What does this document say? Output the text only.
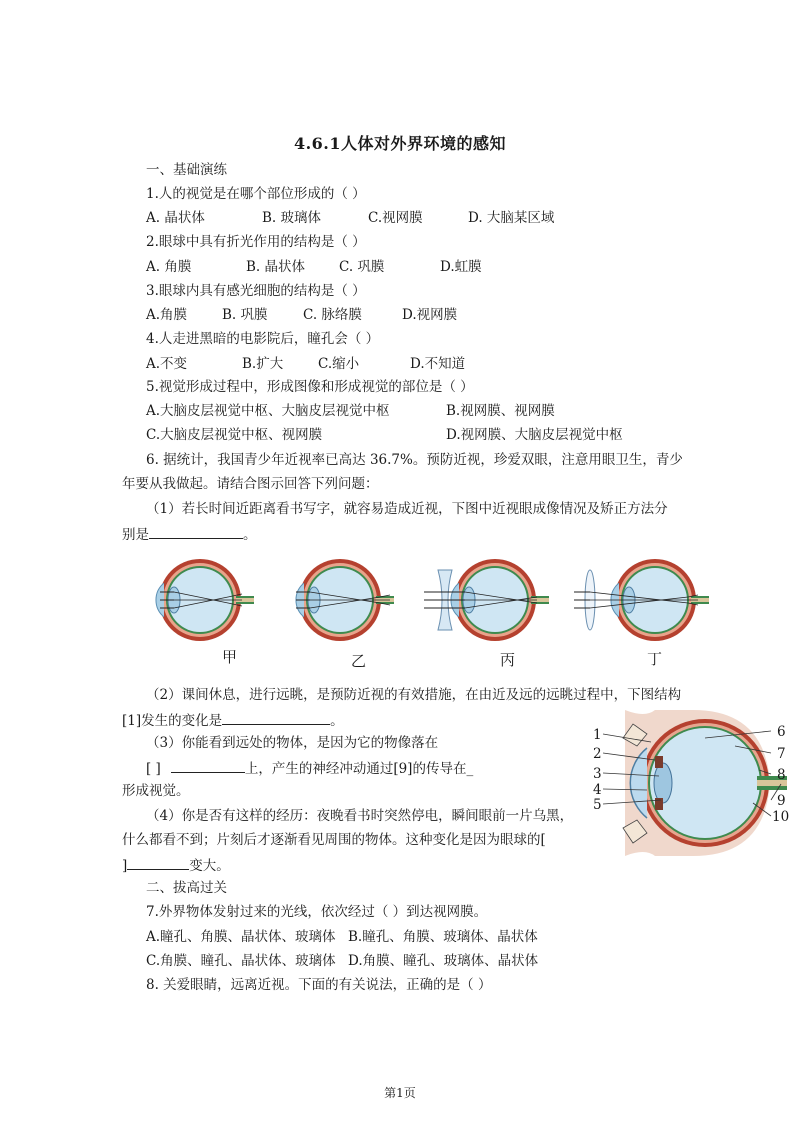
4.6.1人体对外界环境的感知
一、基础演练
1.人的视觉是在哪个部位形成的（ ）
A. 晶状体	B. 玻璃体	C.视网膜	D. 大脑某区域
2.眼球中具有折光作用的结构是（ ）
A. 角膜	B. 晶状体	C. 巩膜	D.虹膜
3.眼球内具有感光细胞的结构是（ ）
A.角膜	B. 巩膜	C. 脉络膜	D.视网膜
4.人走进黑暗的电影院后，瞳孔会（ ）
A.不变	B.扩大	C.缩小	D.不知道
5.视觉形成过程中，形成图像和形成视觉的部位是（ ）
A.大脑皮层视觉中枢、大脑皮层视觉中枢	B.视网膜、视网膜
C.大脑皮层视觉中枢、视网膜	D.视网膜、大脑皮层视觉中枢
6. 据统计，我国青少年近视率已高达 36.7%。预防近视，珍爱双眼，注意用眼卫生，青少
年要从我做起。请结合图示回答下列问题：
（1）若长时间近距离看书写字，就容易造成近视，下图中近视眼成像情况及矫正方法分
别是	。
甲	乙	丙	丁
（2）课间休息，进行远眺，是预防近视的有效措施，在由近及远的远眺过程中，下图结构
[1]发生的变化是	。
（3）你能看到远处的物体，是因为它的物像落在
[ ]	上，产生的神经冲动通过[9]的传导在_
形成视觉。
（4）你是否有这样的经历：夜晚看书时突然停电，瞬间眼前一片乌黑，
什么都看不到；片刻后才逐渐看见周围的物体。这种变化是因为眼球的[
]	变大。
1
2
3
4
5
6
7
8
9
10
二、拔高过关
7.外界物体发射过来的光线，依次经过（ ）到达视网膜。
A.瞳孔、角膜、晶状体、玻璃体 B.瞳孔、角膜、玻璃体、晶状体
C.角膜、瞳孔、晶状体、玻璃体 D.角膜、瞳孔、玻璃体、晶状体
8. 关爱眼睛，远离近视。下面的有关说法，正确的是（ ）
第1页
